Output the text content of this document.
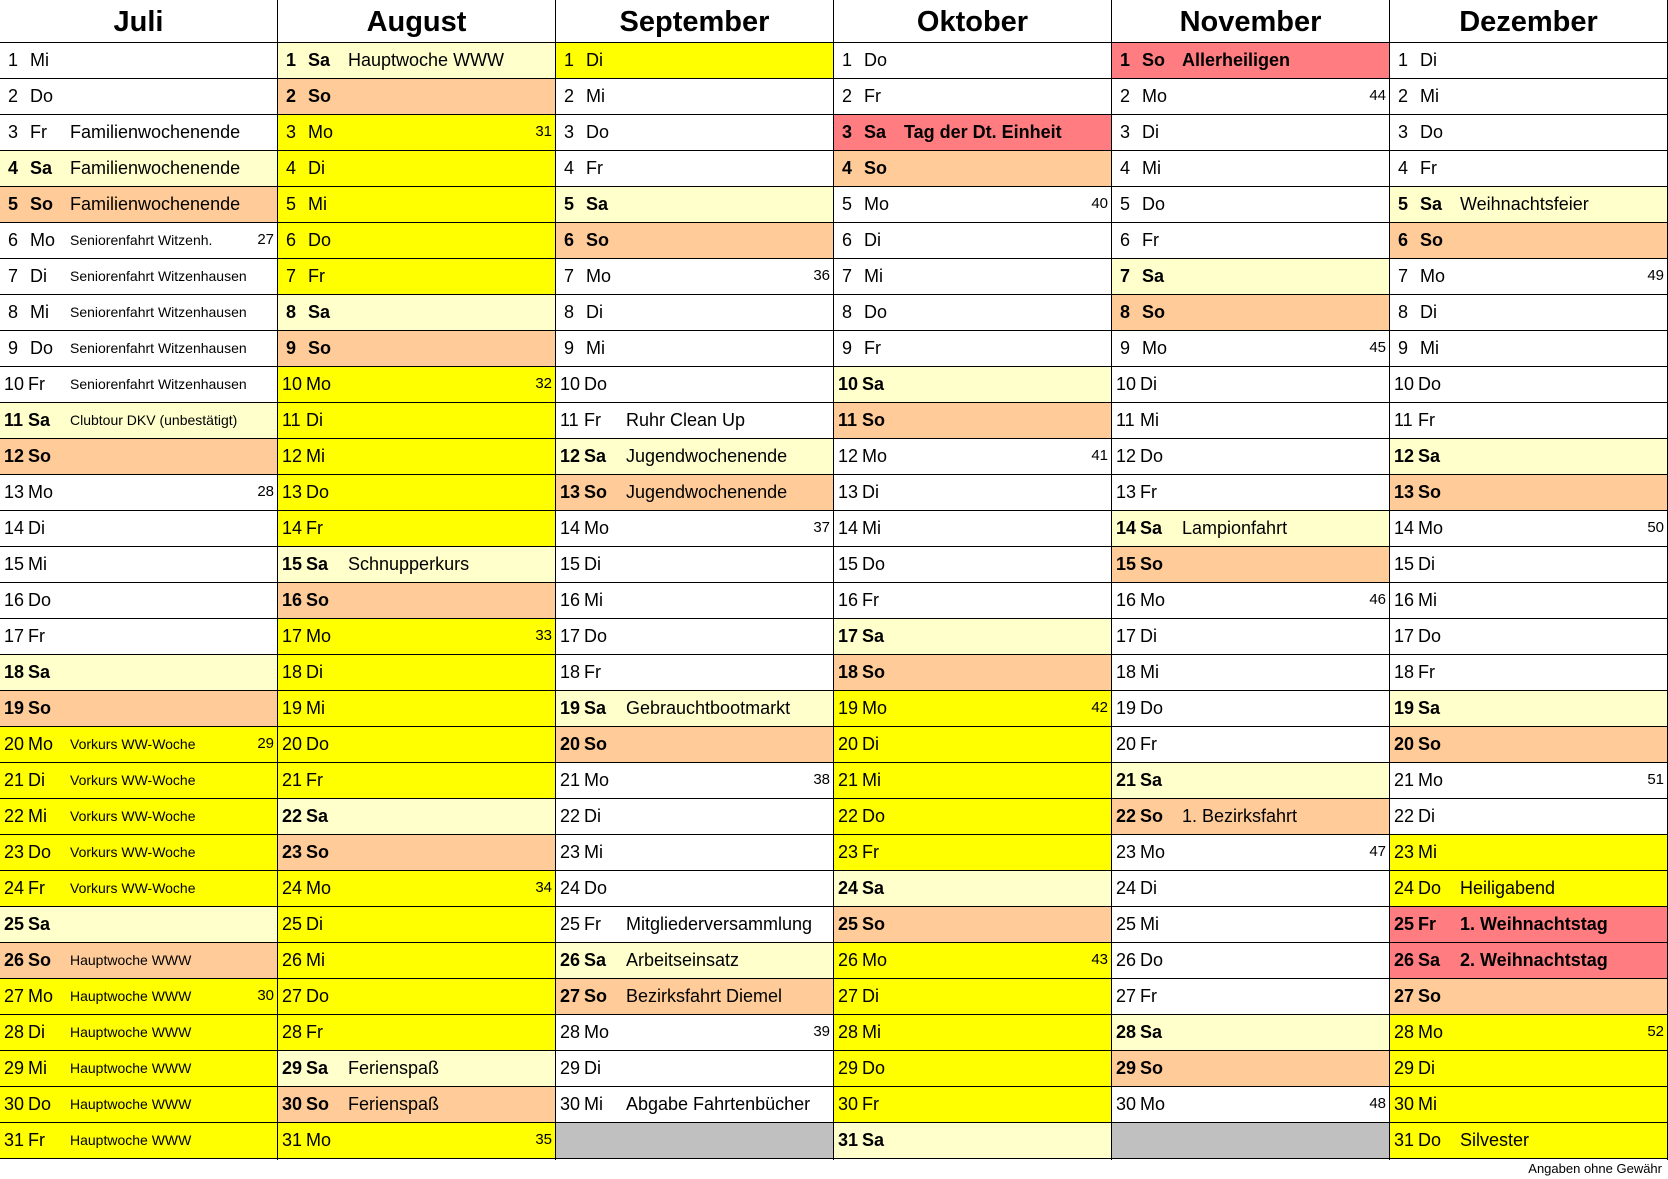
Juli
1 Mi
2 Do
3 Fr Familienwochenende
4 Sa Familienwochenende
5 So Familienwochenende
6 Mo Seniorenfahrt Witzenh.	27
7 Di Seniorenfahrt Witzenhausen
8 Mi Seniorenfahrt Witzenhausen
9 Do Seniorenfahrt Witzenhausen
10 Fr Seniorenfahrt Witzenhausen
11 Sa Clubtour DKV (unbestätigt)
12 So
13 Mo	28
14 Di
15 Mi
16 Do
17 Fr
18 Sa
19 So
20 Mo Vorkurs WW-Woche	29
21 Di Vorkurs WW-Woche
22 Mi Vorkurs WW-Woche
23 Do Vorkurs WW-Woche
24 Fr Vorkurs WW-Woche
25 Sa
26 So Hauptwoche WWW
27 Mo Hauptwoche WWW	30
28 Di Hauptwoche WWW
29 Mi Hauptwoche WWW
30 Do Hauptwoche WWW
31 Fr Hauptwoche WWW
August
1 Sa Hauptwoche WWW
2 So
3 Mo	31
4 Di
5 Mi
6 Do
7 Fr
8 Sa
9 So
10 Mo	32
11 Di
12 Mi
13 Do
14 Fr
15 Sa Schnupperkurs
16 So
17 Mo	33
18 Di
19 Mi
20 Do
21 Fr
22 Sa
23 So
24 Mo	34
25 Di
26 Mi
27 Do
28 Fr
29 Sa Ferienspaß
30 So Ferienspaß
31 Mo	35
September
1 Di
2 Mi
3 Do
4 Fr
5 Sa
6 So
7 Mo	36
8 Di
9 Mi
10 Do
11 Fr Ruhr Clean Up
12 Sa Jugendwochenende
13 So Jugendwochenende
14 Mo	37
15 Di
16 Mi
17 Do
18 Fr
19 Sa Gebrauchtbootmarkt
20 So
21 Mo	38
22 Di
23 Mi
24 Do
25 Fr Mitgliederversammlung
26 Sa Arbeitseinsatz
27 So Bezirksfahrt Diemel
28 Mo	39
29 Di
30 Mi Abgabe Fahrtenbücher
Oktober
1 Do
2 Fr
3 Sa Tag der Dt. Einheit
4 So
5 Mo	40
6 Di
7 Mi
8 Do
9 Fr
10 Sa
11 So
12 Mo	41
13 Di
14 Mi
15 Do
16 Fr
17 Sa
18 So
19 Mo	42
20 Di
21 Mi
22 Do
23 Fr
24 Sa
25 So
26 Mo	43
27 Di
28 Mi
29 Do
30 Fr
31 Sa
November
1 So Allerheiligen
2 Mo	44
3 Di
4 Mi
5 Do
6 Fr
7 Sa
8 So
9 Mo	45
10 Di
11 Mi
12 Do
13 Fr
14 Sa Lampionfahrt
15 So
16 Mo	46
17 Di
18 Mi
19 Do
20 Fr
21 Sa
22 So 1. Bezirksfahrt
23 Mo	47
24 Di
25 Mi
26 Do
27 Fr
28 Sa
29 So
30 Mo	48
Dezember
1 Di
2 Mi
3 Do
4 Fr
5 Sa Weihnachtsfeier
6 So
7 Mo	49
8 Di
9 Mi
10 Do
11 Fr
12 Sa
13 So
14 Mo	50
15 Di
16 Mi
17 Do
18 Fr
19 Sa
20 So
21 Mo	51
22 Di
23 Mi
24 Do Heiligabend
25 Fr 1. Weihnachtstag
26 Sa 2. Weihnachtstag
27 So
28 Mo	52
29 Di
30 Mi
31 Do Silvester
Angaben ohne Gewähr
